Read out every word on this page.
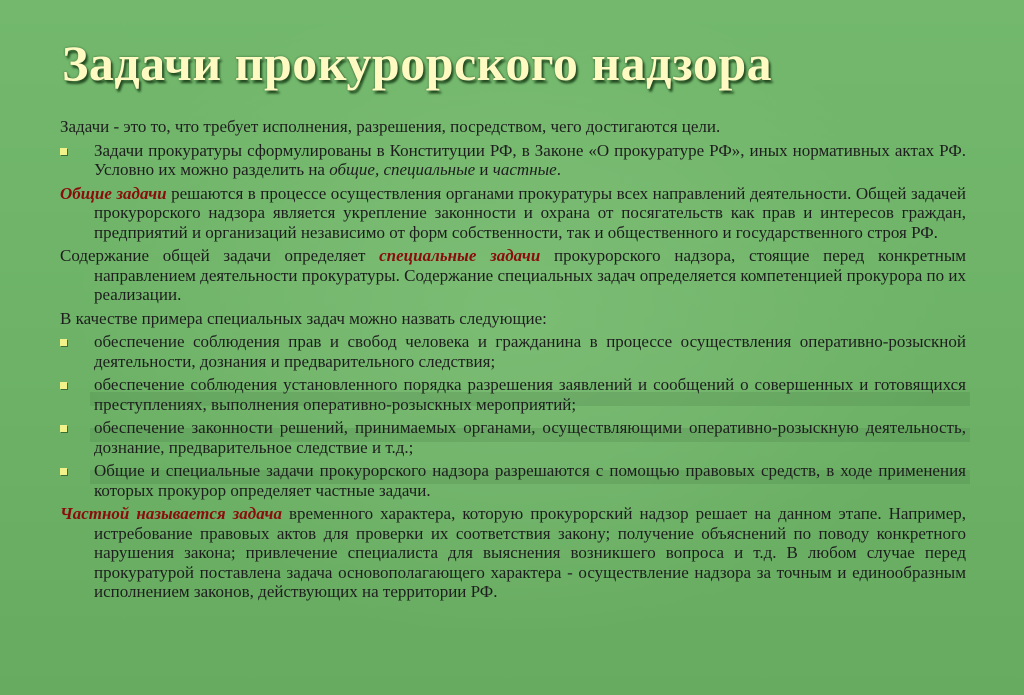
Задачи прокурорского надзора

Задачи - это то, что требует исполнения, разрешения, посредством, чего достигаются цели.

Задачи прокуратуры сформулированы в Конституции РФ, в Законе «О прокуратуре РФ», иных нормативных актах РФ. Условно их можно разделить на общие, специальные и частные.

Общие задачи решаются в процессе осуществления органами прокуратуры всех направлений деятельности. Общей задачей прокурорского надзора является укрепление законности и охрана от посягательств как прав и интересов граждан, предприятий и организаций независимо от форм собственности, так и общественного и государственного строя РФ.

Содержание общей задачи определяет специальные задачи прокурорского надзора, стоящие перед конкретным направлением деятельности прокуратуры. Содержание специальных задач определяется компетенцией прокурора по их реализации.

В качестве примера специальных задач можно назвать следующие:

обеспечение соблюдения прав и свобод человека и гражданина в процессе осуществления оперативно-розыскной деятельности, дознания и предварительного следствия;
обеспечение соблюдения установленного порядка разрешения заявлений и сообщений о совершенных и готовящихся преступлениях, выполнения оперативно-розыскных мероприятий;
обеспечение законности решений, принимаемых органами, осуществляющими оперативно-розыскную деятельность, дознание, предварительное следствие и т.д.;
Общие и специальные задачи прокурорского надзора разрешаются с помощью правовых средств, в ходе применения которых прокурор определяет частные задачи.

Частной называется задача временного характера, которую прокурорский надзор решает на данном этапе. Например, истребование правовых актов для проверки их соответствия закону; получение объяснений по поводу конкретного нарушения закона; привлечение специалиста для выяснения возникшего вопроса и т.д. В любом случае перед прокуратурой поставлена задача основополагающего характера - осуществление надзора за точным и единообразным исполнением законов, действующих на территории РФ.
